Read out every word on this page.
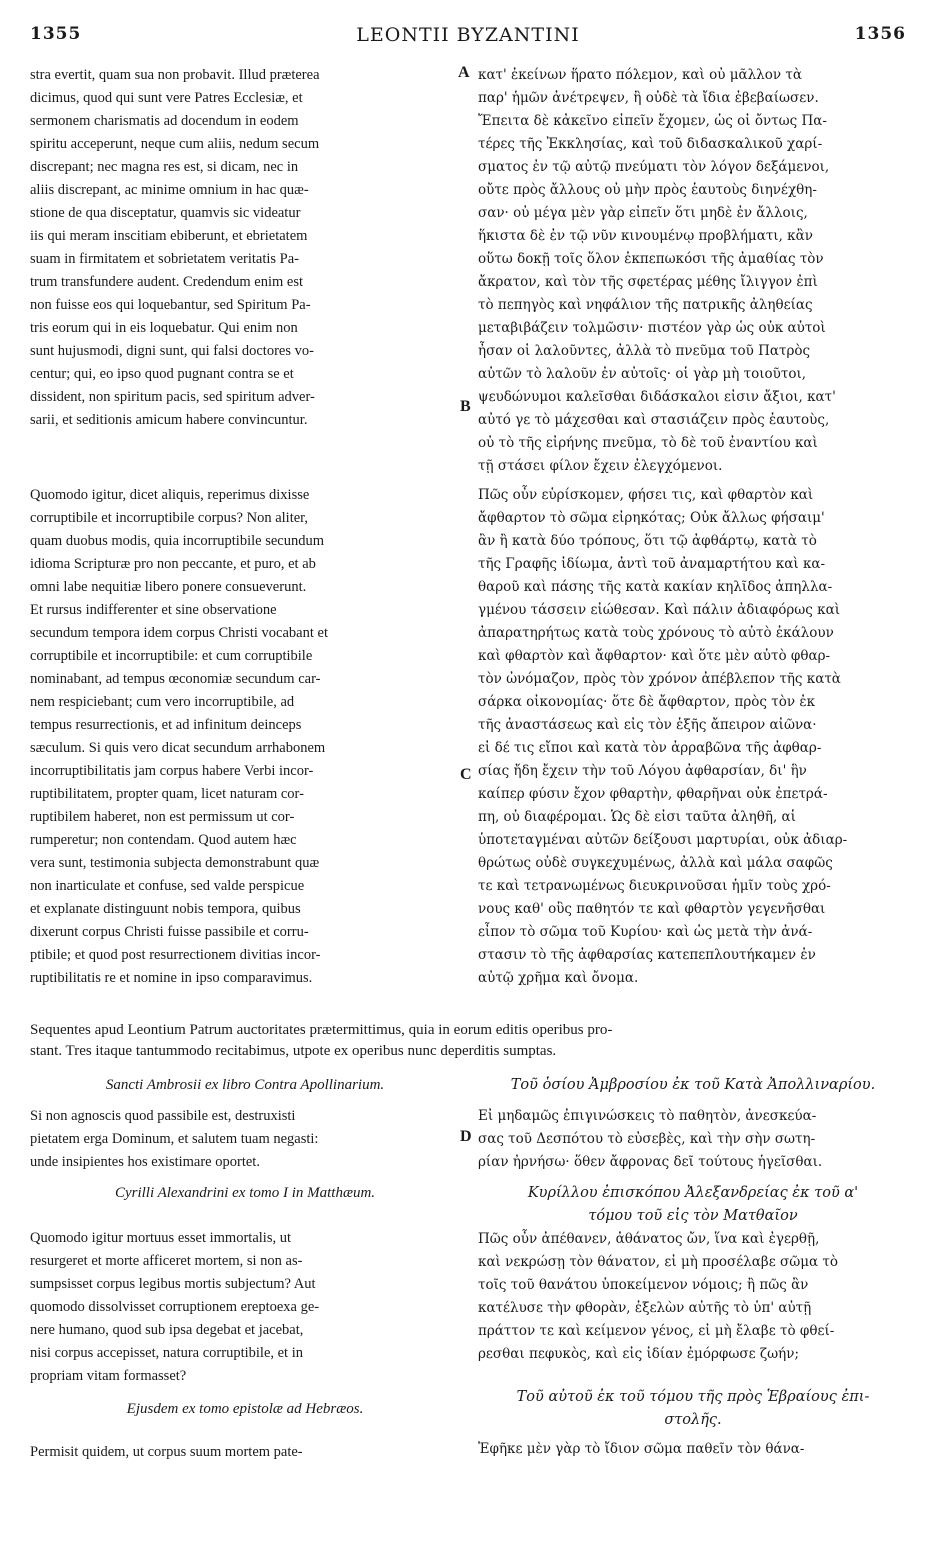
1355	LEONTII BYZANTINI	1356
stra evertit, quam sua non probavit. Illud præterea
dicimus, quod qui sunt vere Patres Ecclesiæ, et
sermonem charismatis ad docendum in eodem
spiritu acceperunt, neque cum aliis, nedum secum
discrepant; nec magna res est, si dicam, nec in
aliis discrepant, ac minime omnium in hac quæ-
stione de qua disceptatur, quamvis sic videatur
iis qui meram inscitiam ebiberunt, et ebrietatem
suam in firmitatem et sobrietatem veritatis Pa-
trum transfundere audent. Credendum enim est
non fuisse eos qui loquebantur, sed Spiritum Pa-
tris eorum qui in eis loquebatur. Qui enim non
sunt hujusmodi, digni sunt, qui falsi doctores vo-
centur; qui, eo ipso quod pugnant contra se et
dissident, non spiritum pacis, sed spiritum adver-
sarii, et seditionis amicum habere convincuntur.
Quomodo igitur, dicet aliquis, reperimus dixisse
corruptibile et incorruptibile corpus? Non aliter,
quam duobus modis, quia incorruptibile secundum
idioma Scripturæ pro non peccante, et puro, et ab
omni labe nequitiæ libero ponere consueverunt.
Et rursus indifferenter et sine observatione
secundum tempora idem corpus Christi vocabant et
corruptibile et incorruptibile: et cum corruptibile
nominabant, ad tempus œconomiæ secundum car-
nem respiciebant; cum vero incorruptibile, ad
tempus resurrectionis, et ad infinitum deinceps
sæculum. Si quis vero dicat secundum arrhabonem
incorruptibilitatis jam corpus habere Verbi incor-
ruptibilitatem, propter quam, licet naturam cor-
ruptibilem haberet, non est permissum ut cor-
rumperetur; non contendam. Quod autem hæc
vera sunt, testimonia subjecta demonstrabunt quæ
non inarticulate et confuse, sed valde perspicue
et explanate distinguunt nobis tempora, quibus
dixerunt corpus Christi fuisse passibile et corru-
ptibile; et quod post resurrectionem divitias incor-
ruptibilitatis re et nomine in ipso comparavimus.
κατ' ἐκείνων ἥρατο πόλεμον, καὶ οὐ μᾶλλον τὰ
παρ' ἡμῶν ἀνέτρεψεν, ἢ οὐδὲ τὰ ἴδια ἐβεβαίωσεν.
Ἔπειτα δὲ κἀκεῖνο εἰπεῖν ἔχομεν, ὡς οἱ ὄντως Πα-
τέρες τῆς Ἐκκλησίας, καὶ τοῦ διδασκαλικοῦ χαρί-
σματος ἐν τῷ αὐτῷ πνεύματι τὸν λόγον δεξάμενοι,
οὔτε πρὸς ἄλλους οὐ μὴν πρὸς ἑαυτοὺς διηνέχθη-
σαν· οὐ μέγα μὲν γὰρ εἰπεῖν ὅτι μηδὲ ἐν ἄλλοις,
ἥκιστα δὲ ἐν τῷ νῦν κινουμένῳ προβλήματι, κἂν
οὕτω δοκῇ τοῖς ὅλον ἐκπεπωκόσι τῆς ἀμαθίας τὸν
ἄκρατον, καὶ τὸν τῆς σφετέρας μέθης ἴλιγγον ἐπὶ
τὸ πεπηγὸς καὶ νηφάλιον τῆς πατρικῆς ἀληθείας
μεταβιβάζειν τολμῶσιν· πιστέον γὰρ ὡς οὐκ αὐτοὶ
ἦσαν οἱ λαλοῦντες, ἀλλὰ τὸ πνεῦμα τοῦ Πατρὸς
αὐτῶν τὸ λαλοῦν ἐν αὐτοῖς· οἱ γὰρ μὴ τοιοῦτοι,
ψευδώνυμοι καλεῖσθαι διδάσκαλοι εἰσιν ἄξιοι, κατ'
αὐτό γε τὸ μάχεσθαι καὶ στασιάζειν πρὸς ἑαυτοὺς,
οὐ τὸ τῆς εἰρήνης πνεῦμα, τὸ δὲ τοῦ ἐναντίου καὶ
τῇ στάσει φίλον ἔχειν ἐλεγχόμενοι.
Πῶς οὖν εὑρίσκομεν, φήσει τις, καὶ φθαρτὸν καὶ
ἄφθαρτον τὸ σῶμα εἰρηκότας; Οὐκ ἄλλως φήσαιμ'
ἂν ἢ κατὰ δύο τρόπους, ὅτι τῷ ἀφθάρτῳ, κατὰ τὸ
τῆς Γραφῆς ἰδίωμα, ἀντὶ τοῦ ἀναμαρτήτου καὶ κα-
θαροῦ καὶ πάσης τῆς κατὰ κακίαν κηλῖδος ἀπηλλα-
γμένου τάσσειν εἰώθεσαν. Καὶ πάλιν ἀδιαφόρως καὶ
ἀπαρατηρήτως κατὰ τοὺς χρόνους τὸ αὐτὸ ἐκάλουν
καὶ φθαρτὸν καὶ ἄφθαρτον· καὶ ὅτε μὲν αὐτὸ φθαρ-
τὸν ὠνόμαζον, πρὸς τὸν χρόνον ἀπέβλεπον τῆς κατὰ
σάρκα οἰκονομίας· ὅτε δὲ ἄφθαρτον, πρὸς τὸν ἐκ
τῆς ἀναστάσεως καὶ εἰς τὸν ἑξῆς ἄπειρον αἰῶνα·
εἰ δέ τις εἴποι καὶ κατὰ τὸν ἀρραβῶνα τῆς ἀφθαρ-
σίας ἤδη ἔχειν τὴν τοῦ Λόγου ἀφθαρσίαν, δι' ἣν
καίπερ φύσιν ἔχον φθαρτὴν, φθαρῆναι οὐκ ἐπετρά-
πη, οὐ διαφέρομαι. Ὡς δὲ εἰσι ταῦτα ἀληθῆ, αἱ
ὑποτεταγμέναι αὐτῶν δείξουσι μαρτυρίαι, οὐκ ἀδιαρ-
θρώτως οὐδὲ συγκεχυμένως, ἀλλὰ καὶ μάλα σαφῶς
τε καὶ τετρανωμένως διευκρινοῦσαι ἡμῖν τοὺς χρό-
νους καθ' οὓς παθητόν τε καὶ φθαρτὸν γεγενῆσθαι
εἶπον τὸ σῶμα τοῦ Κυρίου· καὶ ὡς μετὰ τὴν ἀνά-
στασιν τὸ τῆς ἀφθαρσίας κατεπεπλουτήκαμεν ἐν
αὐτῷ χρῆμα καὶ ὄνομα.
A
B
C
D
Sequentes apud Leontium Patrum auctoritates prætermittimus, quia in eorum editis operibus pro-
stant. Tres itaque tantummodo recitabimus, utpote ex operibus nunc deperditis sumptas.
Sancti Ambrosii ex libro Contra Apollinarium.
Si non agnoscis quod passibile est, destruxisti
pietatem erga Dominum, et salutem tuam negasti:
unde insipientes hos existimare oportet.
Cyrilli Alexandrini ex tomo I in Matthæum.
Quomodo igitur mortuus esset immortalis, ut
resurgeret et morte afficeret mortem, si non as-
sumpsisset corpus legibus mortis subjectum? Aut
quomodo dissolvisset corruptionem ereptoexa ge-
nere humano, quod sub ipsa degebat et jacebat,
nisi corpus accepisset, natura corruptibile, et in
propriam vitam formasset?
Ejusdem ex tomo epistolæ ad Hebræos.
Permisit quidem, ut corpus suum mortem pate-
Τοῦ ὁσίου Ἀμβροσίου ἐκ τοῦ Κατὰ Ἀπολλιναρίου.
Εἰ μηδαμῶς ἐπιγινώσκεις τὸ παθητὸν, ἀνεσκεύα-
σας τοῦ Δεσπότου τὸ εὐσεβὲς, καὶ τὴν σὴν σωτη-
ρίαν ἠρνήσω· ὅθεν ἄφρονας δεῖ τούτους ἡγεῖσθαι.
Κυρίλλου ἐπισκόπου Ἀλεξανδρείας ἐκ τοῦ α'
τόμου τοῦ εἰς τὸν Ματθαῖον
Πῶς οὖν ἀπέθανεν, ἀθάνατος ὤν, ἵνα καὶ ἐγερθῇ,
καὶ νεκρώσῃ τὸν θάνατον, εἰ μὴ προσέλαβε σῶμα τὸ
τοῖς τοῦ θανάτου ὑποκείμενον νόμοις; ἢ πῶς ἂν
κατέλυσε τὴν φθορὰν, ἐξελὼν αὐτῆς τὸ ὑπ' αὐτῇ
πράττον τε καὶ κείμενον γένος, εἰ μὴ ἔλαβε τὸ φθεί-
ρεσθαι πεφυκὸς, καὶ εἰς ἰδίαν ἐμόρφωσε ζωήν;
Τοῦ αὐτοῦ ἐκ τοῦ τόμου τῆς πρὸς Ἑβραίους ἐπι-
στολῆς.
Ἐφῆκε μὲν γὰρ τὸ ἴδιον σῶμα παθεῖν τὸν θάνα-
